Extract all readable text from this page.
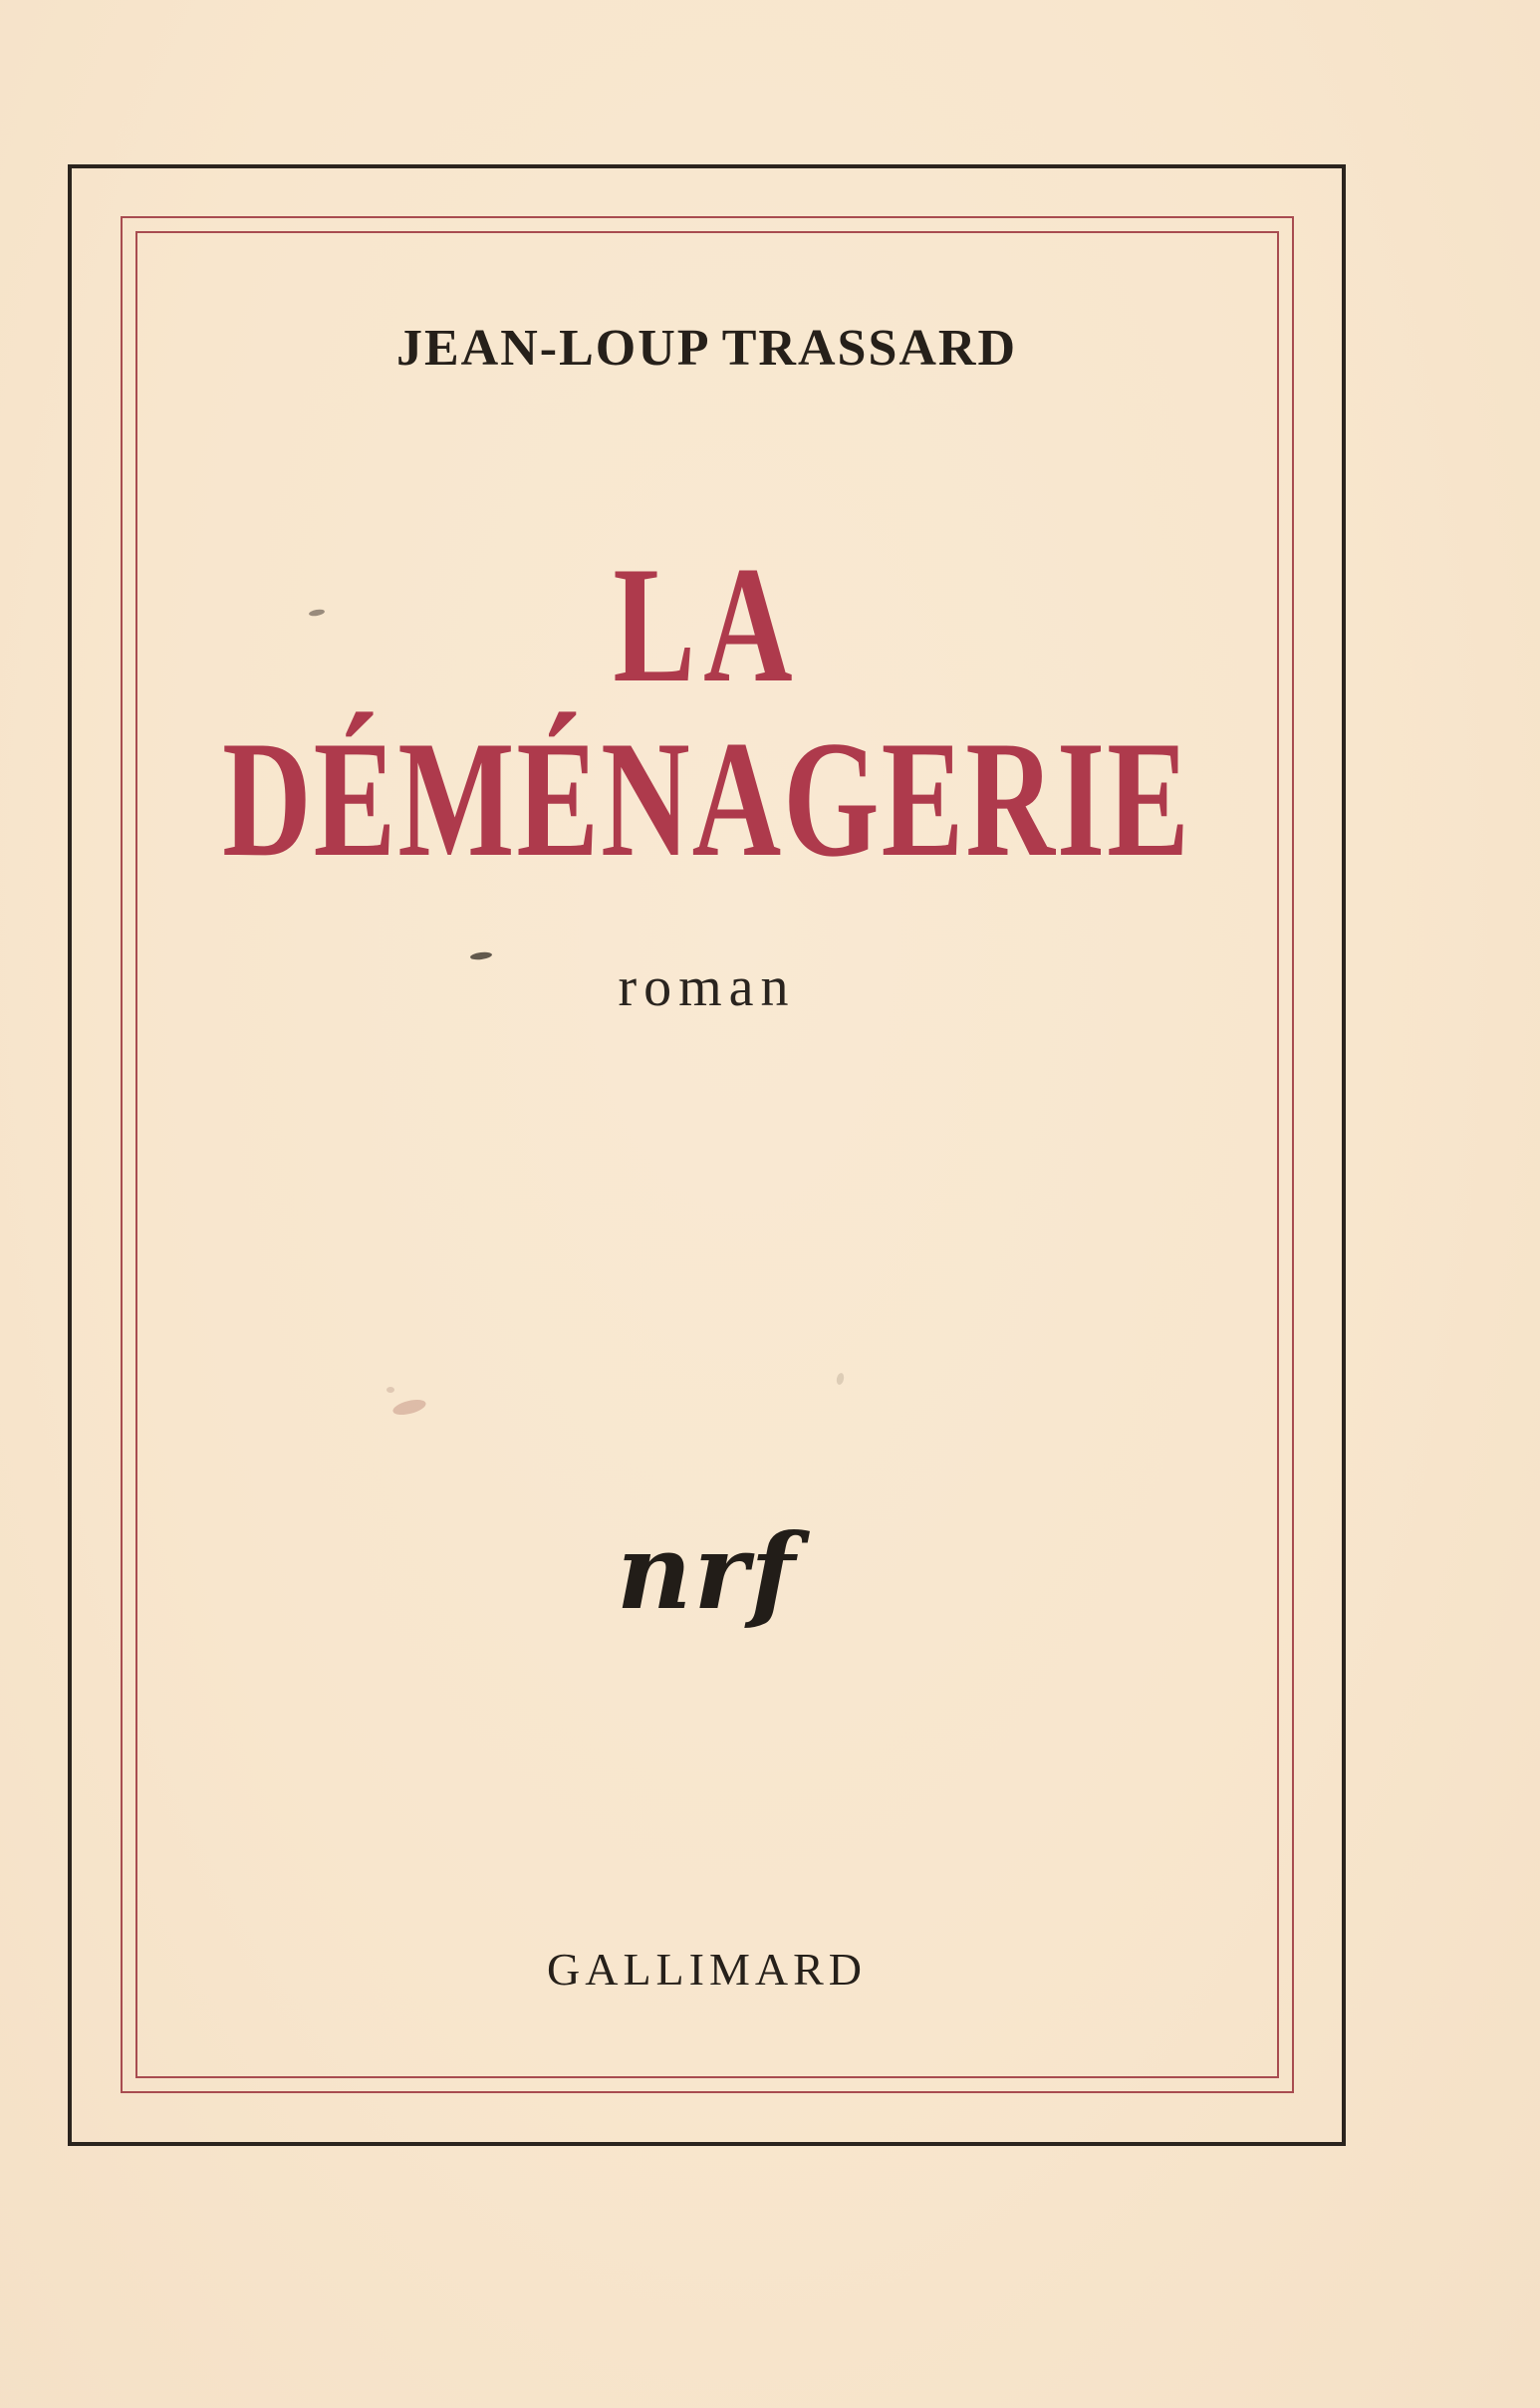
JEAN-LOUP TRASSARD
LA
DÉMÉNAGERIE
roman
nrf
GALLIMARD
